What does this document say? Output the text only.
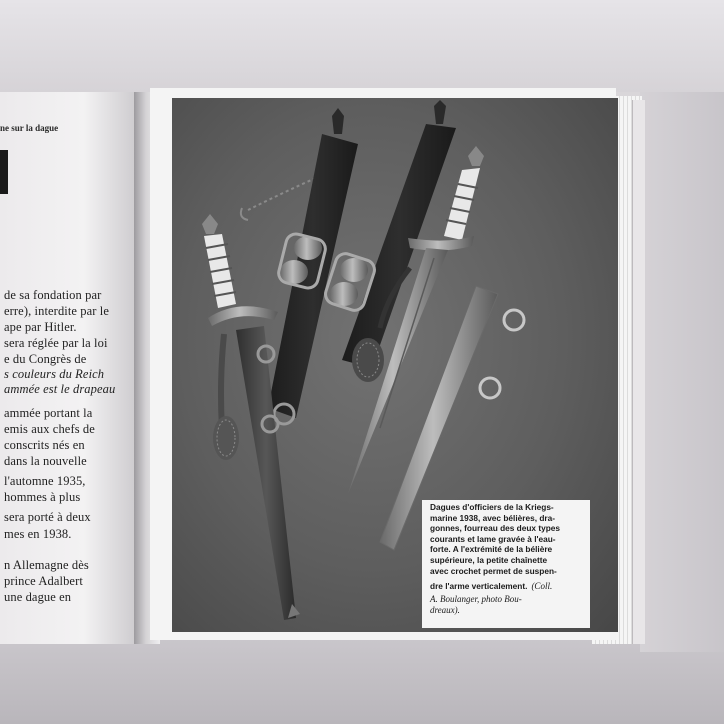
ne sur la dague
de sa fondation par
erre), interdite par le
ape par Hitler.
sera réglée par la loi
e du Congrès de
s couleurs du Reich
ammée est le drapeau
ammée portant la
emis aux chefs de
conscrits nés en
dans la nouvelle
l'automne 1935,
hommes à plus
sera porté à deux
mes en 1938.
n Allemagne dès
prince Adalbert
une dague en
Dagues d'officiers de la Kriegs-
marine 1938, avec bélières, dra-
gonnes, fourreau des deux types
courants et lame gravée à l'eau-
forte. A l'extrémité de la bélière
supérieure, la petite chaînette
avec crochet permet de suspen-
dre l'arme verticalement. (Coll.
A. Boulanger, photo Bou-
dreaux).
